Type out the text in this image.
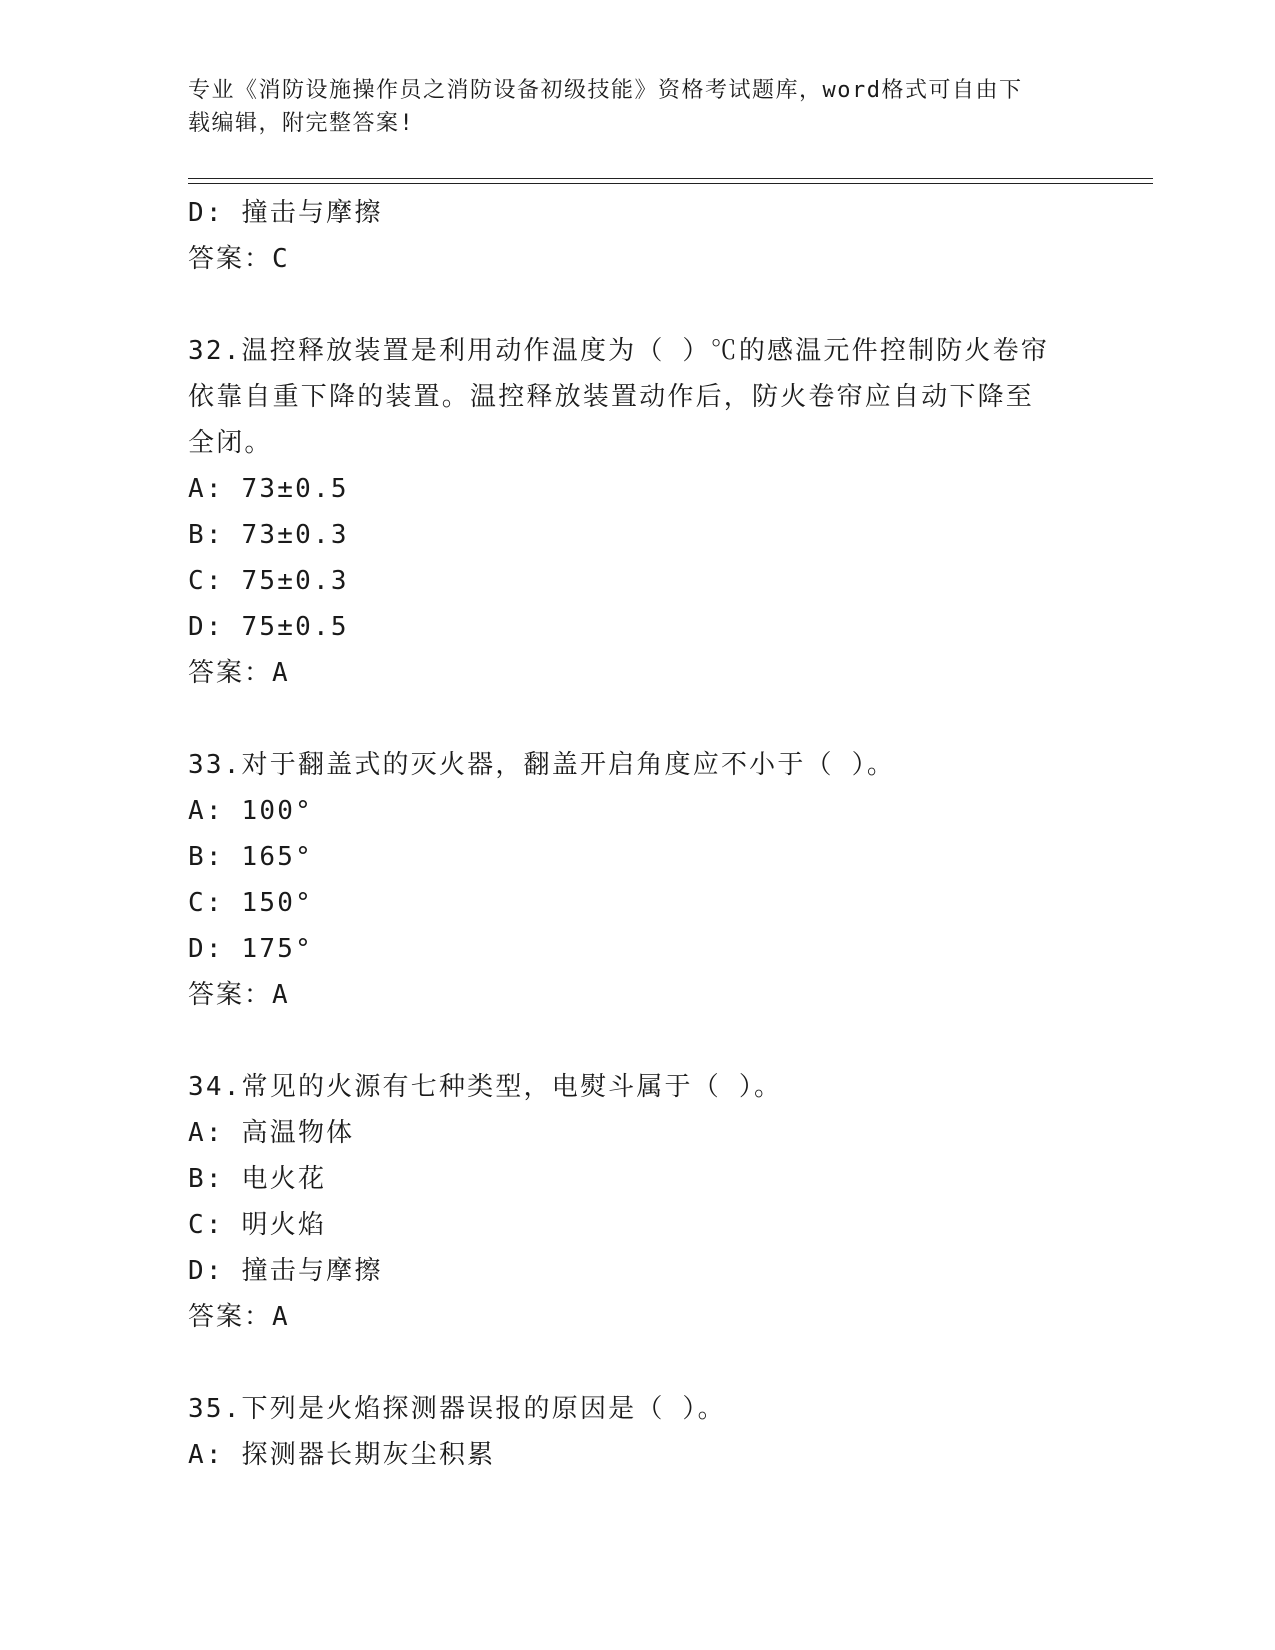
专业《消防设施操作员之消防设备初级技能》资格考试题库，word格式可自由下
载编辑，附完整答案!
D: 撞击与摩擦
答案：C
32.温控释放装置是利用动作温度为（ ）℃的感温元件控制防火卷帘
依靠自重下降的装置。温控释放装置动作后，防火卷帘应自动下降至
全闭。
A: 73±0.5
B: 73±0.3
C: 75±0.3
D: 75±0.5
答案：A
33.对于翻盖式的灭火器，翻盖开启角度应不小于（ ）。
A: 100°
B: 165°
C: 150°
D: 175°
答案：A
34.常见的火源有七种类型，电熨斗属于（ ）。
A: 高温物体
B: 电火花
C: 明火焰
D: 撞击与摩擦
答案：A
35.下列是火焰探测器误报的原因是（ ）。
A: 探测器长期灰尘积累
